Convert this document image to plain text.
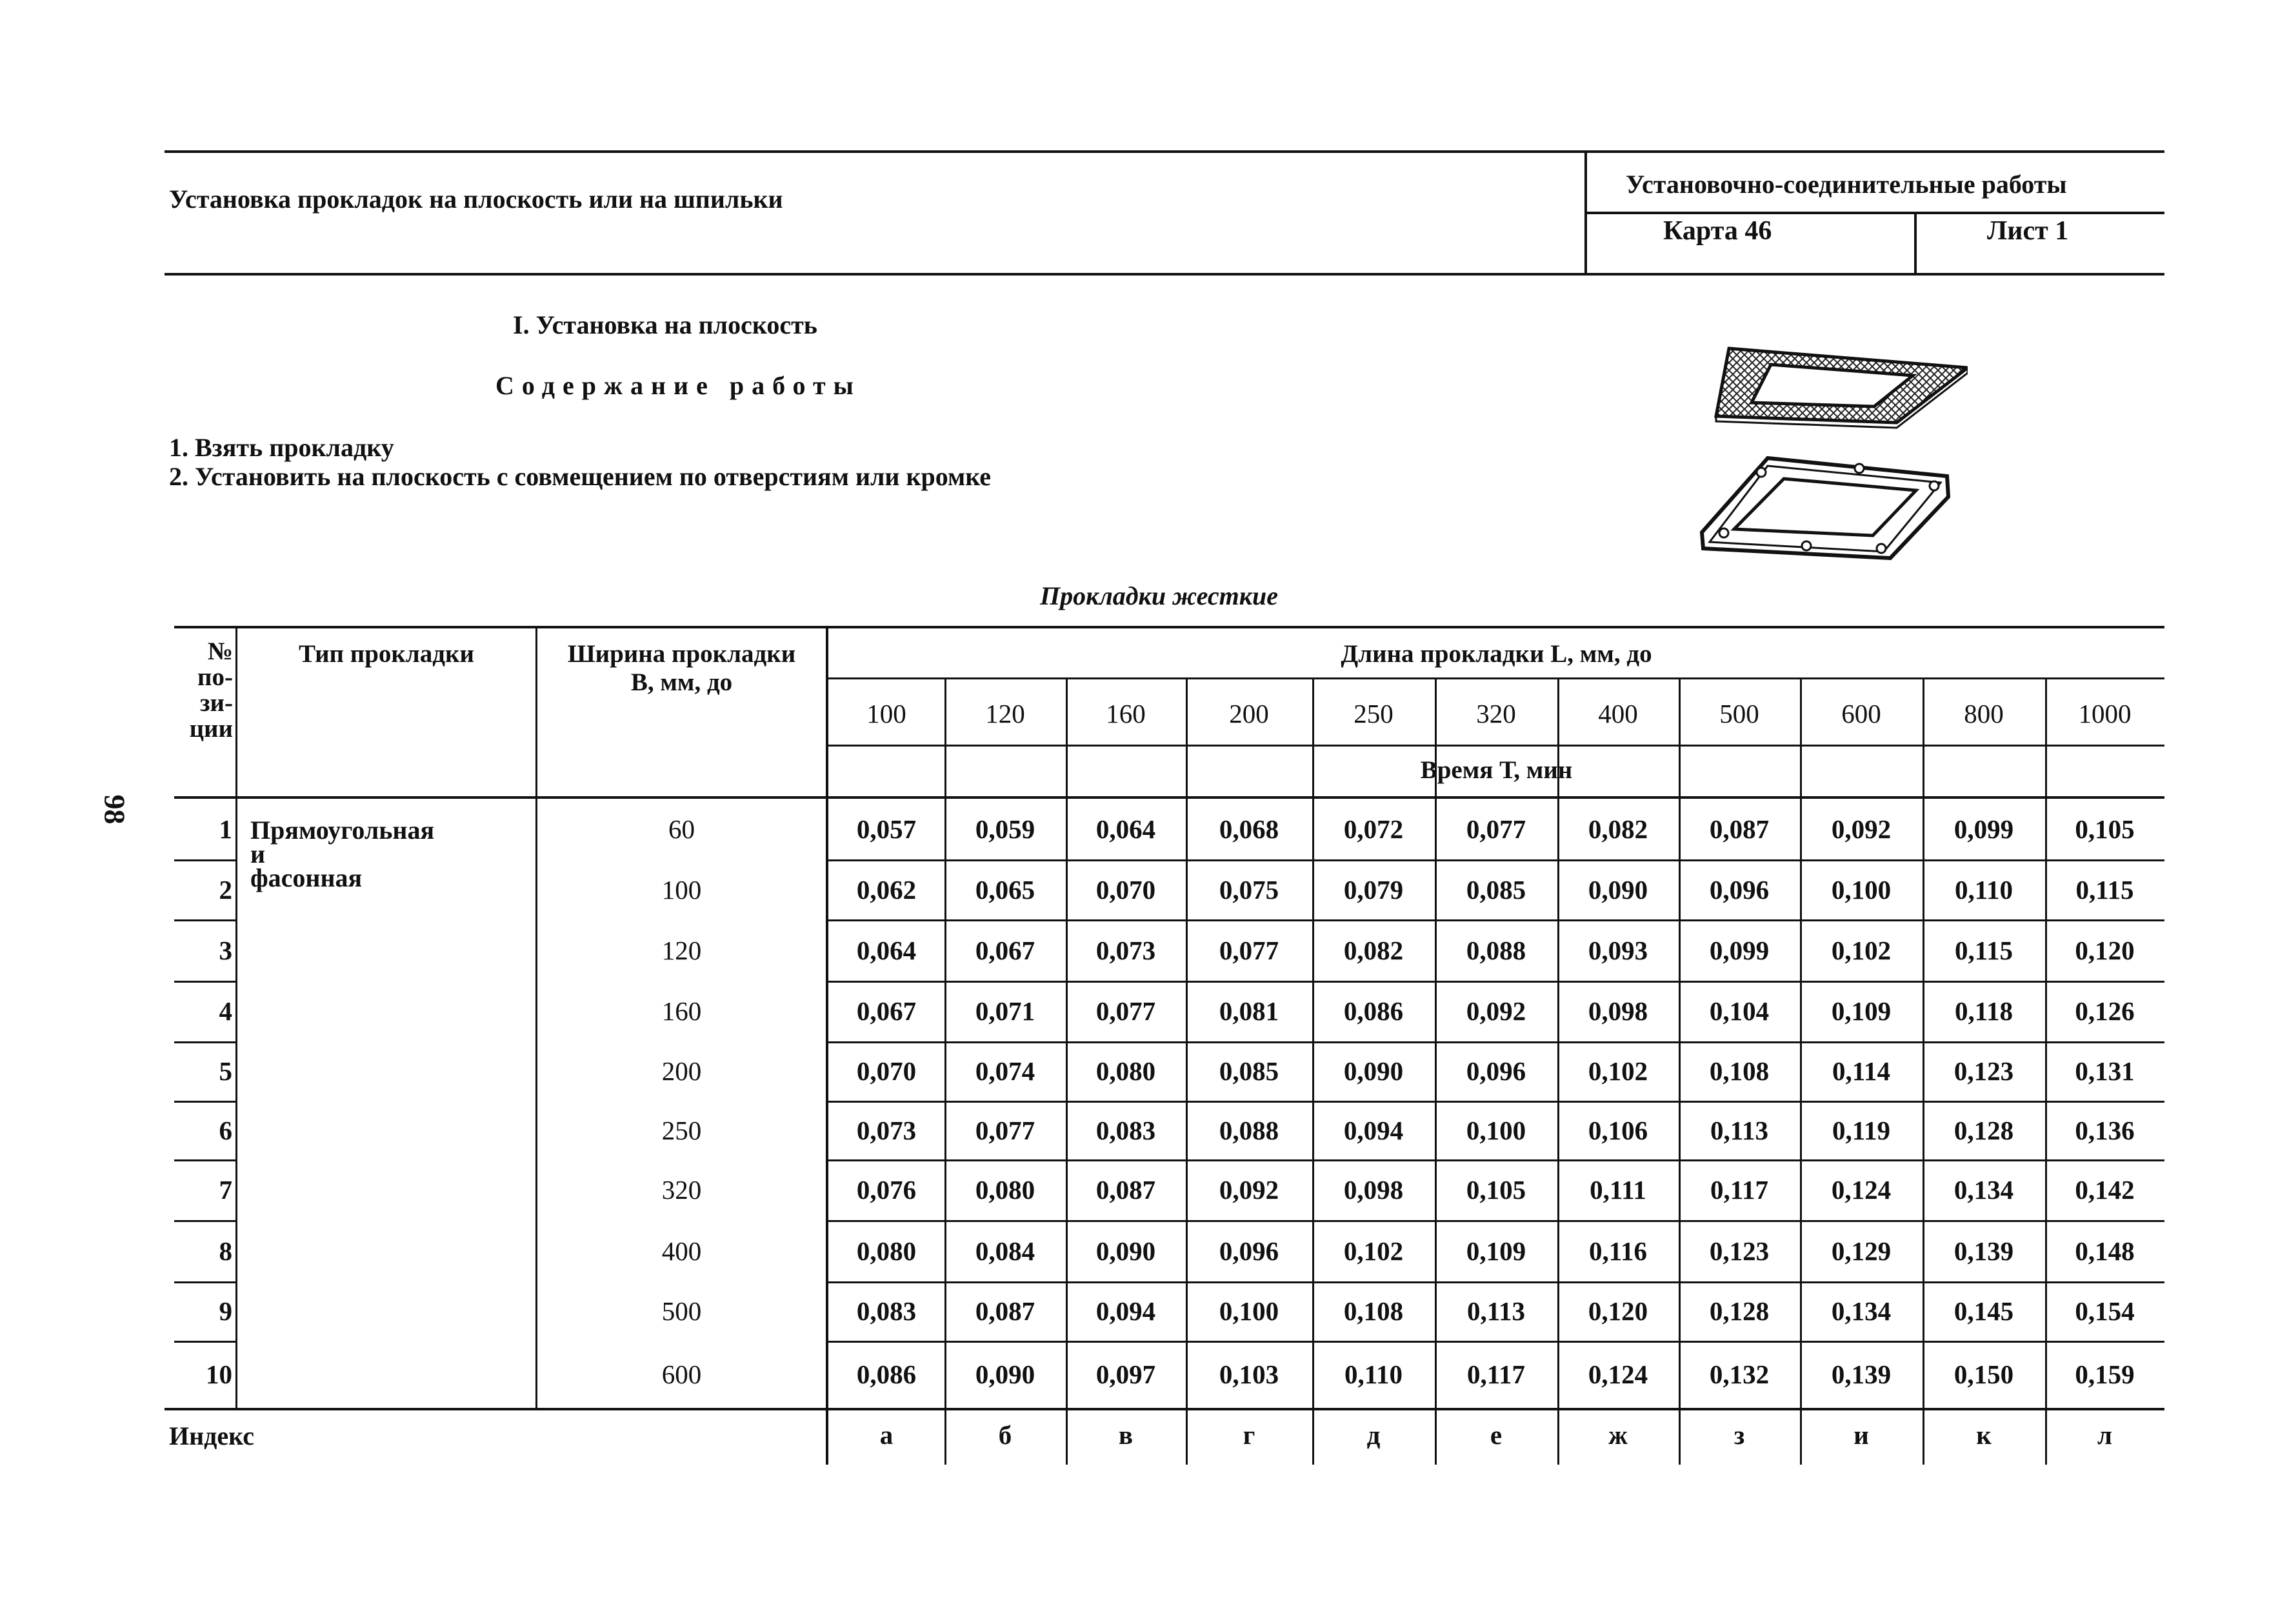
Установка прокладок на плоскость или на шпильки
Установочно-соединительные работы
Карта 46	Лист 1
I. Установка на плоскость
Содержание работы
1. Взять прокладку
2. Установить на плоскость с совмещением по отверстиям или кромке
Прокладки жесткие
98
№
по-
зи-
ции
Тип прокладки	Ширина прокладки
В, мм, до
Длина прокладки L, мм, до
Время Т, мин
100	120	160	200	250	320	400	500	600	800	1000
Прямоугольная
и
фасонная
1	60	0,057	0,059	0,064	0,068	0,072	0,077	0,082	0,087	0,092	0,099	0,105
2	100	0,062	0,065	0,070	0,075	0,079	0,085	0,090	0,096	0,100	0,110	0,115
3	120	0,064	0,067	0,073	0,077	0,082	0,088	0,093	0,099	0,102	0,115	0,120
4	160	0,067	0,071	0,077	0,081	0,086	0,092	0,098	0,104	0,109	0,118	0,126
5	200	0,070	0,074	0,080	0,085	0,090	0,096	0,102	0,108	0,114	0,123	0,131
6	250	0,073	0,077	0,083	0,088	0,094	0,100	0,106	0,113	0,119	0,128	0,136
7	320	0,076	0,080	0,087	0,092	0,098	0,105	0,111	0,117	0,124	0,134	0,142
8	400	0,080	0,084	0,090	0,096	0,102	0,109	0,116	0,123	0,129	0,139	0,148
9	500	0,083	0,087	0,094	0,100	0,108	0,113	0,120	0,128	0,134	0,145	0,154
10	600	0,086	0,090	0,097	0,103	0,110	0,117	0,124	0,132	0,139	0,150	0,159
Индекс	а	б	в	г	д	е	ж	з	и	к	л
